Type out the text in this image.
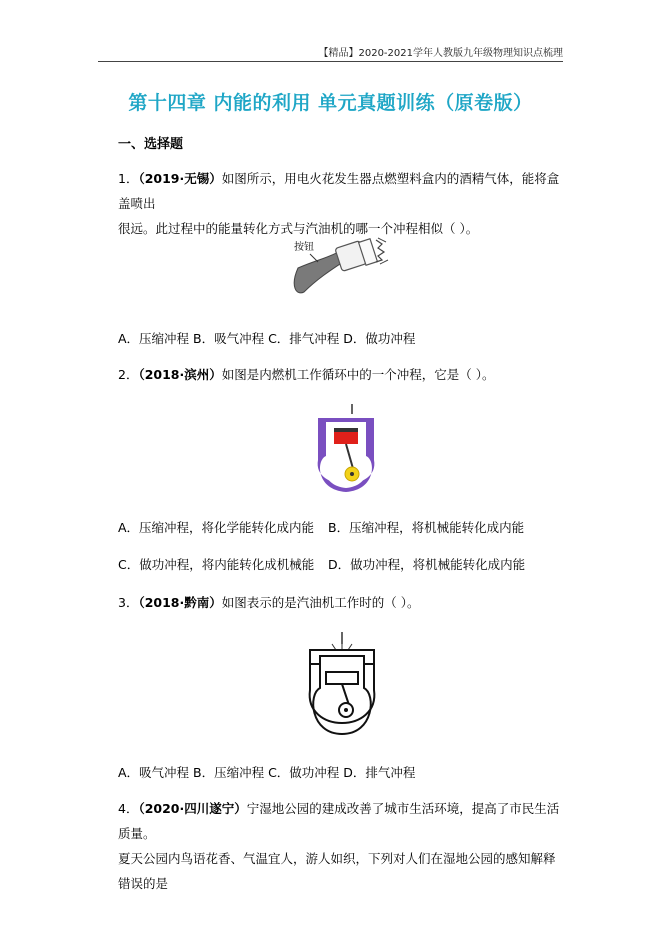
【精品】2020-2021学年人教版九年级物理知识点梳理
第十四章 内能的利用 单元真题训练（原卷版）
一、选择题
1．（2019·无锡）如图所示，用电火花发生器点燃塑料盒内的酒精气体，能将盒盖喷出
很远。此过程中的能量转化方式与汽油机的哪一个冲程相似（ ）。
按钮
A．压缩冲程 B．吸气冲程 C．排气冲程 D．做功冲程
2．（2018·滨州）如图是内燃机工作循环中的一个冲程，它是（ ）。
A．压缩冲程，将化学能转化成内能 B．压缩冲程，将机械能转化成内能
C．做功冲程，将内能转化成机械能 D．做功冲程，将机械能转化成内能
3．（2018·黔南）如图表示的是汽油机工作时的（ ）。
A．吸气冲程 B．压缩冲程 C．做功冲程 D．排气冲程
4．（2020·四川遂宁）宁湿地公园的建成改善了城市生活环境，提高了市民生活质量。
夏天公园内鸟语花香、气温宜人，游人如织，下列对人们在湿地公园的感知解释错误的是
